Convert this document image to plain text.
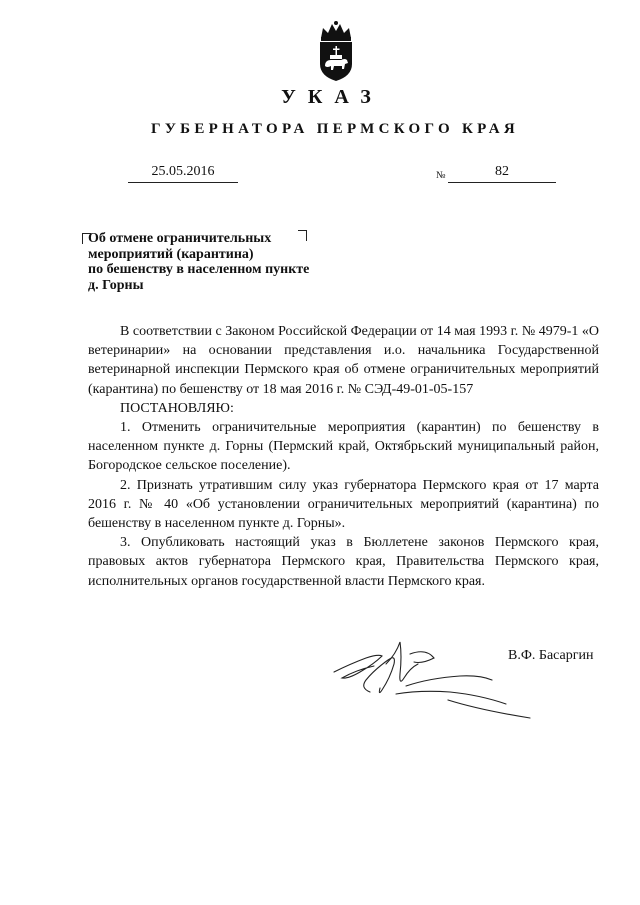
УКАЗ
ГУБЕРНАТОРА ПЕРМСКОГО КРАЯ
25.05.2016	№	82
Об отмене ограничительных
мероприятий (карантина)
по бешенству в населенном пункте
д. Горны

В соответствии с Законом Российской Федерации от 14 мая 1993 г. № 4979-1 «О ветеринарии» на основании представления и.о. начальника Государственной ветеринарной инспекции Пермского края об отмене ограничительных мероприятий (карантина) по бешенству от 18 мая 2016 г. № СЭД-49-01-05-157

ПОСТАНОВЛЯЮ:

1. Отменить ограничительные мероприятия (карантин) по бешенству в населенном пункте д. Горны (Пермский край, Октябрьский муниципальный район, Богородское сельское поселение).

2. Признать утратившим силу указ губернатора Пермского края от 17 марта 2016 г. № 40 «Об установлении ограничительных мероприятий (карантина) по бешенству в населенном пункте д. Горны».

3. Опубликовать настоящий указ в Бюллетене законов Пермского края, правовых актов губернатора Пермского края, Правительства Пермского края, исполнительных органов государственной власти Пермского края.

В.Ф. Басаргин
